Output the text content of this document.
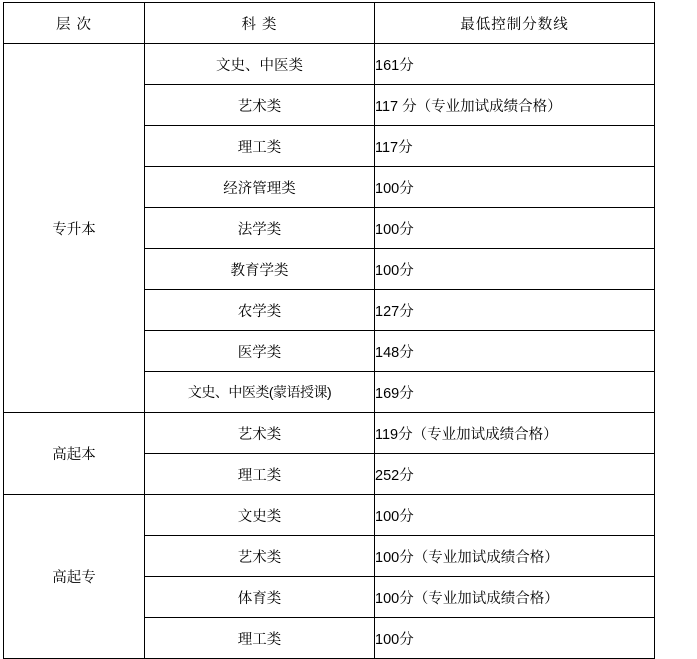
层 次	科 类	最低控制分数线
专升本	文史、中医类	161分
	艺术类	117 分（专业加试成绩合格）
	理工类	117分
	经济管理类	100分
	法学类	100分
	教育学类	100分
	农学类	127分
	医学类	148分
	文史、中医类(蒙语授课)	169分
高起本	艺术类	119分（专业加试成绩合格）
	理工类	252分
高起专	文史类	100分
	艺术类	100分（专业加试成绩合格）
	体育类	100分（专业加试成绩合格）
	理工类	100分
